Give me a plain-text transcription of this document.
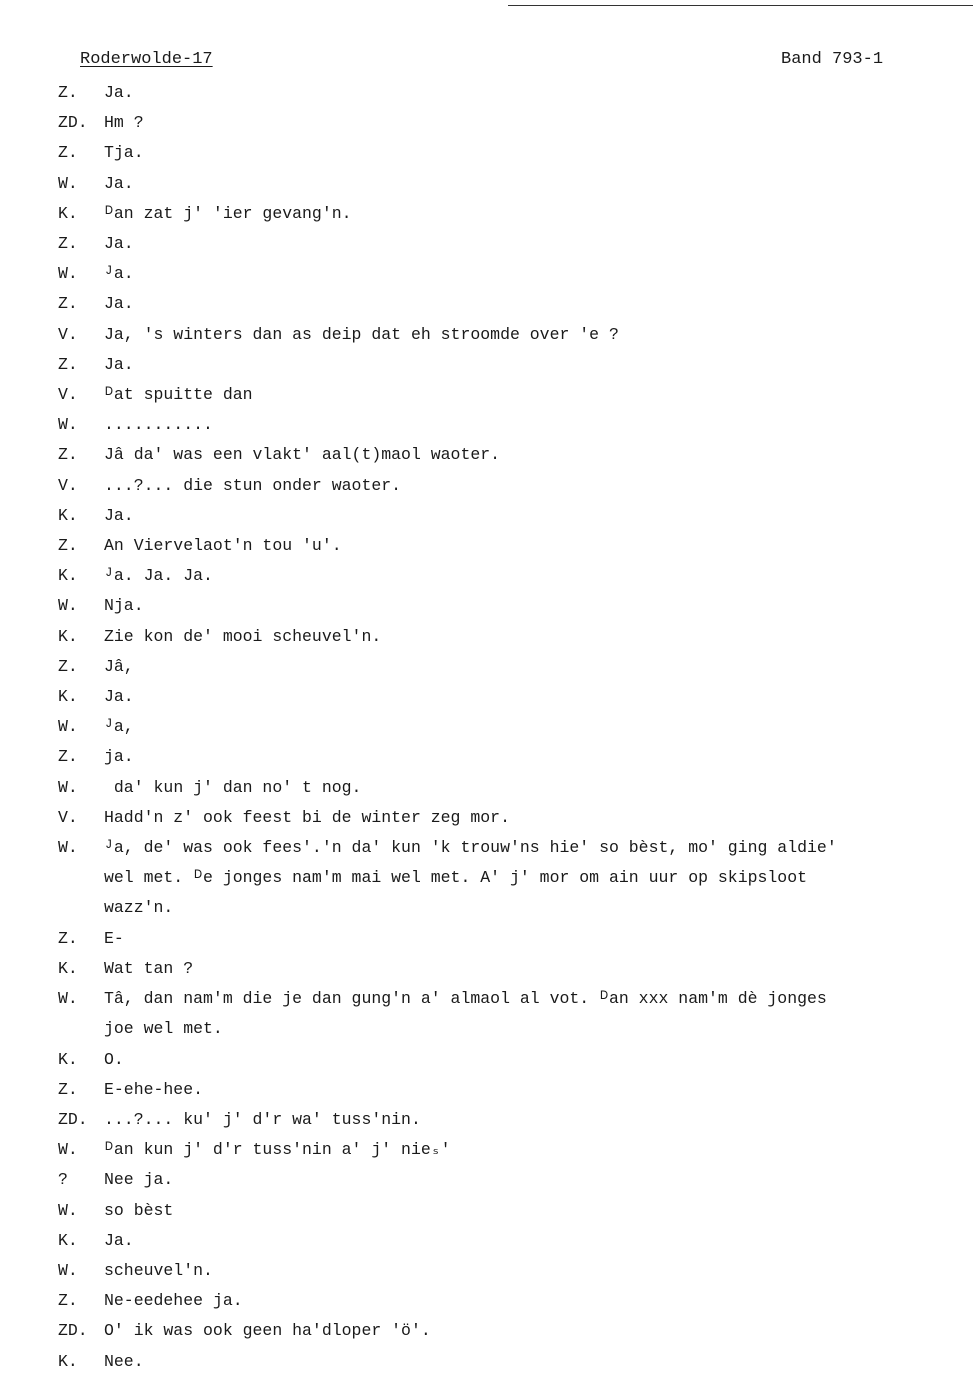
Roderwolde-17	Band 793-1
Z.	Ja.
ZD. Hm ?
Z.	Tja.
W.	Ja.
K.	ᴰan zat j' 'ier gevang'n.
Z.	Ja.
W.	ᴶa.
Z.	Ja.
V.	Ja, 's winters dan as deip dat eh stroomde over 'e ?
Z.	Ja.
V.	ᴰat spuitte dan
W.	...........
Z.	Jâ da' was een vlakt' aal(t)maol waoter.
V.	...?... die stun onder waoter.
K.	Ja.
Z.	An Viervelaot'n tou 'u'.
K.	ᴶa. Ja. Ja.
W.	Nja.
K.	Zie kon de' mooi scheuvel'n.
Z.	Jâ,
K.	Ja.
W.	ᴶa,
Z.	ja.
W.	da' kun j' dan no' t nog.
V.	Hadd'n z' ook feest bi de winter zeg mor.
W.	ᴶa, de' was ook fees'.'n da' kun 'k trouw'ns hie' so bèst, mo' ging aldie'
wel met. ᴰe jonges nam'm mai wel met. A' j' mor om ain uur op skipsloot
wazz'n.
Z.	E-
K.	Wat tan ?
W.	Tâ, dan nam'm die je dan gung'n a' almaol al vot. ᴰan xxx nam'm dè jonges
joe wel met.
K.	O.
Z.	E-ehe-hee.
ZD. ...?... ku' j' d'r wa' tuss'nin.
W.	ᴰan kun j' d'r tuss'nin a' j' nieₛ'
?	Nee ja.
W.	so bèst
K.	Ja.
W.	scheuvel'n.
Z.	Ne-eedehee ja.
ZD. O' ik was ook geen ha'dloper 'ö'.
K.	Nee.
